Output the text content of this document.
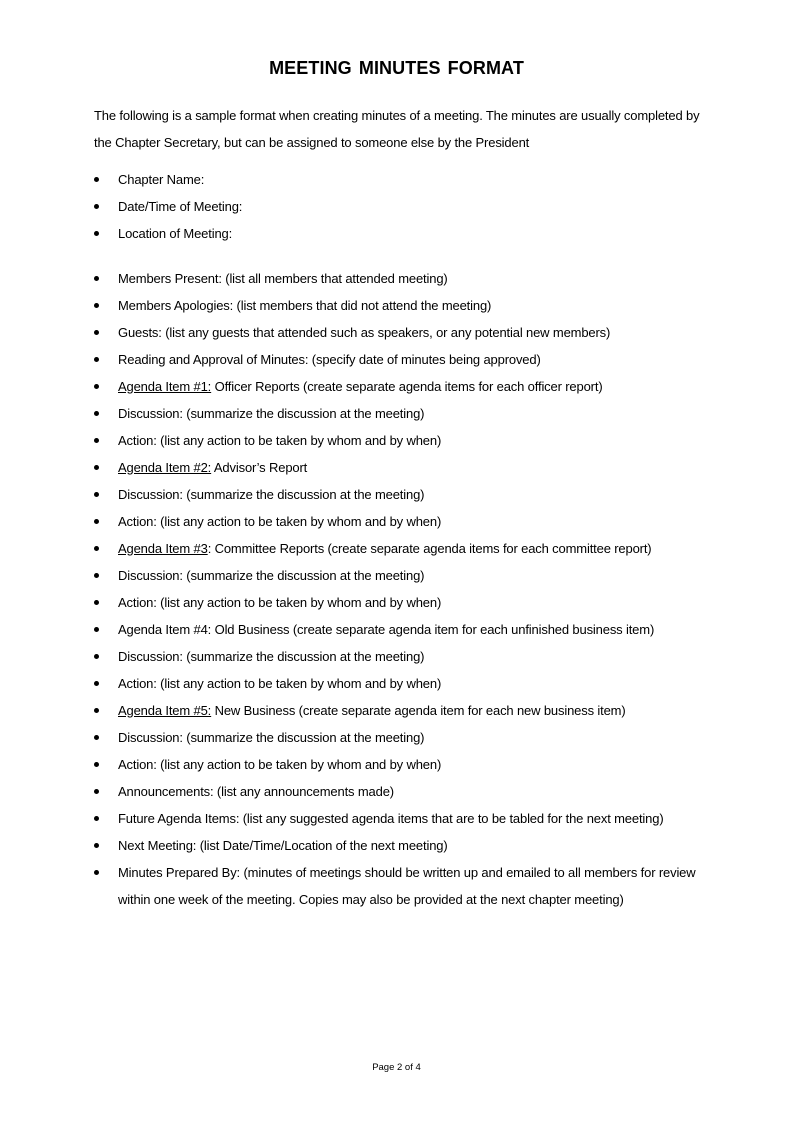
MEETING MINUTES FORMAT
The following is a sample format when creating minutes of a meeting. The minutes are usually completed by the Chapter Secretary, but can be assigned to someone else by the President
Chapter Name:
Date/Time of Meeting:
Location of Meeting:
Members Present: (list all members that attended meeting)
Members Apologies: (list members that did not attend the meeting)
Guests: (list any guests that attended such as speakers, or any potential new members)
Reading and Approval of Minutes: (specify date of minutes being approved)
Agenda Item #1: Officer Reports (create separate agenda items for each officer report)
Discussion: (summarize the discussion at the meeting)
Action: (list any action to be taken by whom and by when)
Agenda Item #2: Advisor’s Report
Discussion: (summarize the discussion at the meeting)
Action: (list any action to be taken by whom and by when)
Agenda Item #3: Committee Reports (create separate agenda items for each committee report)
Discussion: (summarize the discussion at the meeting)
Action: (list any action to be taken by whom and by when)
Agenda Item #4: Old Business (create separate agenda item for each unfinished business item)
Discussion: (summarize the discussion at the meeting)
Action: (list any action to be taken by whom and by when)
Agenda Item #5: New Business (create separate agenda item for each new business item)
Discussion: (summarize the discussion at the meeting)
Action: (list any action to be taken by whom and by when)
Announcements: (list any announcements made)
Future Agenda Items: (list any suggested agenda items that are to be tabled for the next meeting)
Next Meeting: (list Date/Time/Location of the next meeting)
Minutes Prepared By: (minutes of meetings should be written up and emailed to all members for review within one week of the meeting. Copies may also be provided at the next chapter meeting)
Page 2 of 4
